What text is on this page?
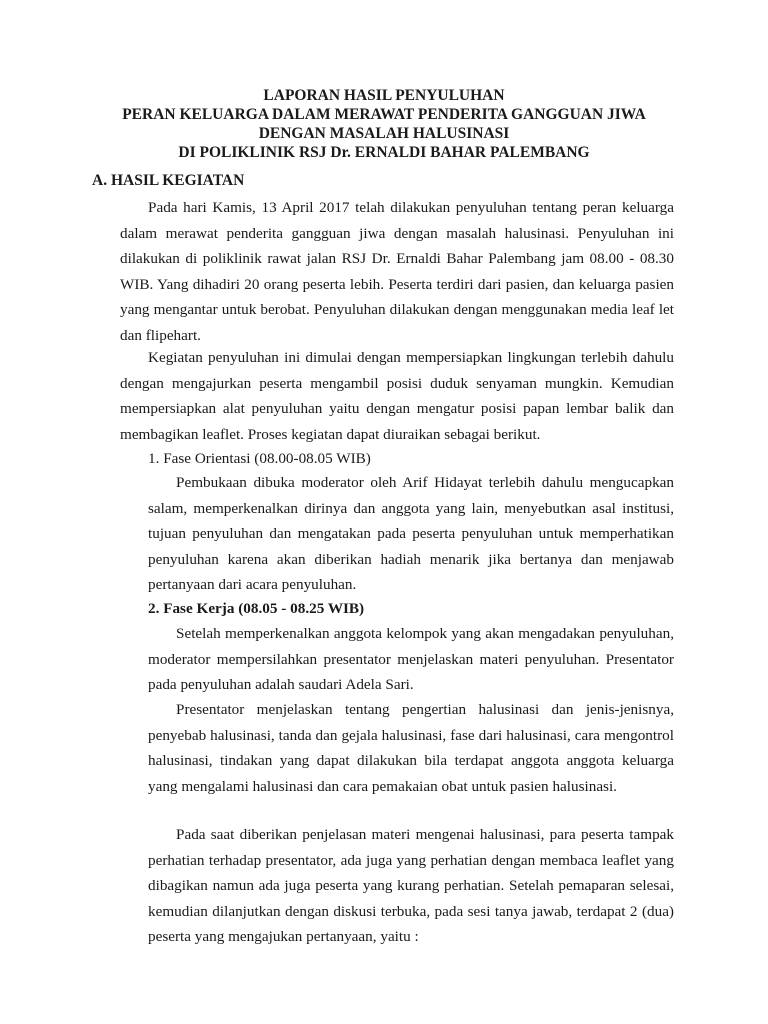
LAPORAN HASIL PENYULUHAN
PERAN KELUARGA DALAM MERAWAT PENDERITA GANGGUAN JIWA
DENGAN MASALAH HALUSINASI
DI POLIKLINIK RSJ Dr. ERNALDI BAHAR PALEMBANG
A. HASIL KEGIATAN

Pada hari Kamis, 13 April 2017 telah dilakukan penyuluhan tentang peran keluarga dalam merawat penderita gangguan jiwa dengan masalah halusinasi. Penyuluhan ini dilakukan di poliklinik rawat jalan RSJ Dr. Ernaldi Bahar Palembang jam 08.00 - 08.30 WIB. Yang dihadiri 20 orang peserta lebih. Peserta terdiri dari pasien, dan keluarga pasien yang mengantar untuk berobat. Penyuluhan dilakukan dengan menggunakan media leaf let dan flipehart.

Kegiatan penyuluhan ini dimulai dengan mempersiapkan lingkungan terlebih dahulu dengan mengajurkan peserta mengambil posisi duduk senyaman mungkin. Kemudian mempersiapkan alat penyuluhan yaitu dengan mengatur posisi papan lembar balik dan membagikan leaflet. Proses kegiatan dapat diuraikan sebagai berikut.

1. Fase Orientasi (08.00-08.05 WIB)

Pembukaan dibuka moderator oleh Arif Hidayat terlebih dahulu mengucapkan salam, memperkenalkan dirinya dan anggota yang lain, menyebutkan asal institusi, tujuan penyuluhan dan mengatakan pada peserta penyuluhan untuk memperhatikan penyuluhan karena akan diberikan hadiah menarik jika bertanya dan menjawab pertanyaan dari acara penyuluhan.

2. Fase Kerja (08.05 - 08.25 WIB)

Setelah memperkenalkan anggota kelompok yang akan mengadakan penyuluhan, moderator mempersilahkan presentator menjelaskan materi penyuluhan. Presentator pada penyuluhan adalah saudari Adela Sari.

Presentator menjelaskan tentang pengertian halusinasi dan jenis-jenisnya, penyebab halusinasi, tanda dan gejala halusinasi, fase dari halusinasi, cara mengontrol halusinasi, tindakan yang dapat dilakukan bila terdapat anggota anggota keluarga yang mengalami halusinasi dan cara pemakaian obat untuk pasien halusinasi.

Pada saat diberikan penjelasan materi mengenai halusinasi, para peserta tampak perhatian terhadap presentator, ada juga yang perhatian dengan membaca leaflet yang dibagikan namun ada juga peserta yang kurang perhatian. Setelah pemaparan selesai, kemudian dilanjutkan dengan diskusi terbuka, pada sesi tanya jawab, terdapat 2 (dua) peserta yang mengajukan pertanyaan, yaitu :
